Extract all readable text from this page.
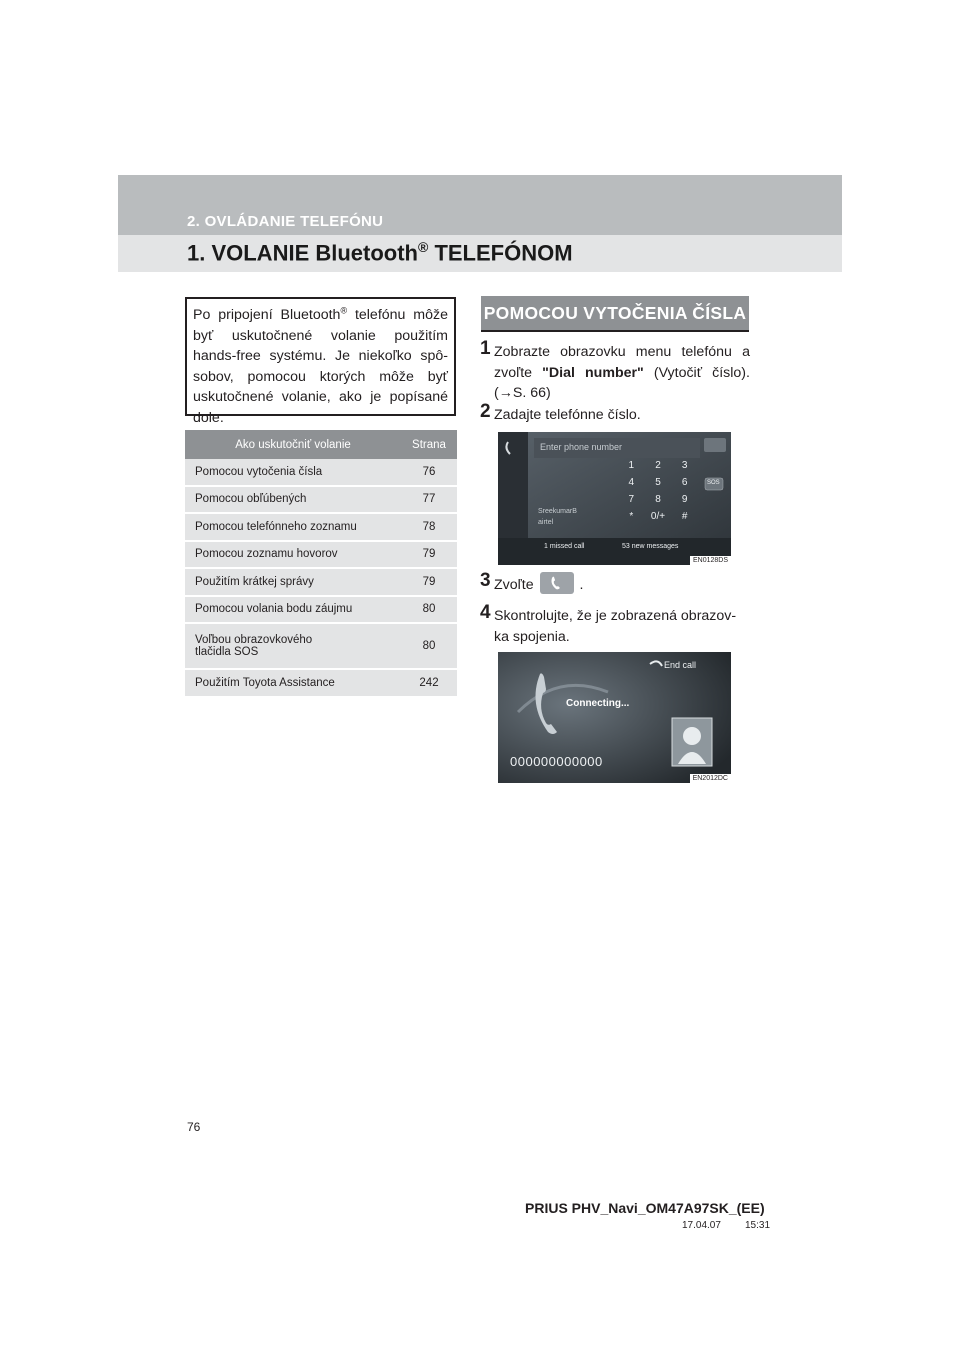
2. OVLÁDANIE TELEFÓNU
1. VOLANIE Bluetooth® TELEFÓNOM
Po pripojení Bluetooth® telefónu môže byť uskutočnené volanie použitím hands-free systému. Je niekoľko spô-sobov, pomocou ktorých môže byť uskutočnené volanie, ako je popísané dole.
Ako uskutočniť volanie	Strana
Pomocou vytočenia čísla	76
Pomocou obľúbených	77
Pomocou telefónneho zoznamu	78
Pomocou zoznamu hovorov	79
Použitím krátkej správy	79
Pomocou volania bodu záujmu	80
Voľbou obrazovkového tlačidla SOS	80
Použitím Toyota Assistance	242
POMOCOU VYTOČENIA ČÍSLA
1 Zobrazte obrazovku menu telefónu a zvoľte "Dial number" (Vytočiť číslo). (→S. 66)
2 Zadajte telefónne číslo.
Enter phone number
1	2	3
4	5	6
7	8	9
*	0/+	#
SOS
SreekumarB
airtel
1 missed call	53 new messages
EN0128DS
3 Zvoľte	.
4 Skontrolujte, že je zobrazená obrazov-ka spojenia.
End call
Connecting...
000000000000
EN2012DC
76
PRIUS PHV_Navi_OM47A97SK_(EE)
17.04.07 15:31
